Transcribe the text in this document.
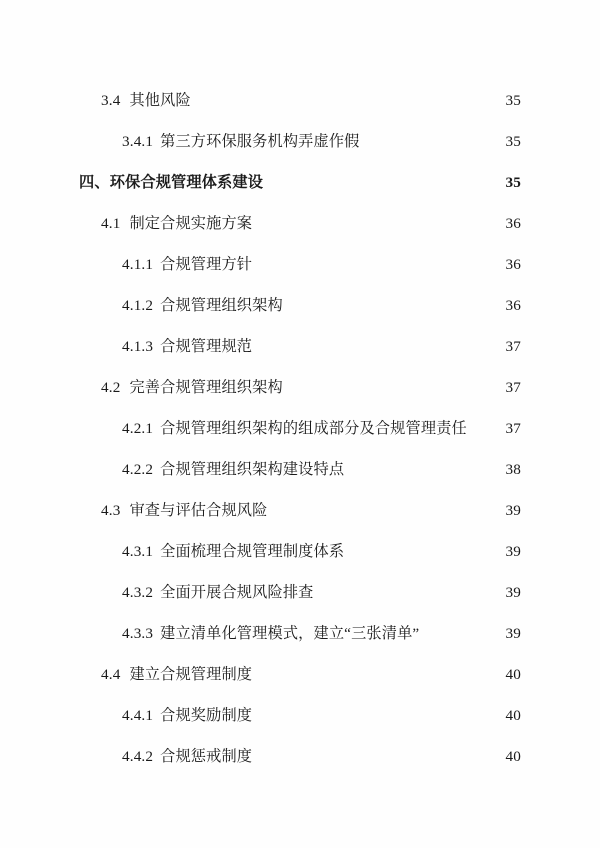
3.4 其他风险 .....	35
3.4.1 第三方环保服务机构弄虚作假 .....	35
四、 环保合规管理体系建设 .....	35
4.1 制定合规实施方案 .....	36
4.1.1 合规管理方针 .....	36
4.1.2 合规管理组织架构 .....	36
4.1.3 合规管理规范 .....	37
4.2 完善合规管理组织架构 .....	37
4.2.1 合规管理组织架构的组成部分及合规管理责任 .....	37
4.2.2 合规管理组织架构建设特点 .....	38
4.3 审查与评估合规风险 .....	39
4.3.1 全面梳理合规管理制度体系 .....	39
4.3.2 全面开展合规风险排查 .....	39
4.3.3 建立清单化管理模式，建立“三张清单” .....	39
4.4 建立合规管理制度 .....	40
4.4.1 合规奖励制度 .....	40
4.4.2 合规惩戒制度 .....	40
